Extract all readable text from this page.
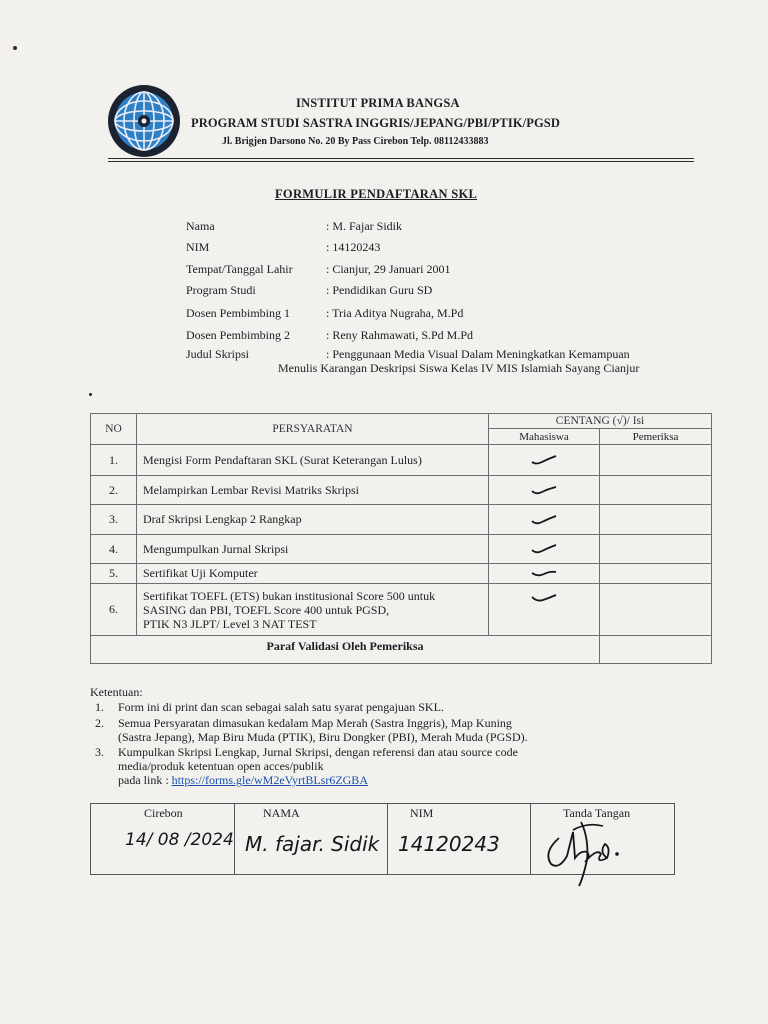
INSTITUT PRIMA BANGSA
PROGRAM STUDI SASTRA INGGRIS/JEPANG/PBI/PTIK/PGSD
Jl. Brigjen Darsono No. 20 By Pass Cirebon Telp. 08112433883
FORMULIR PENDAFTARAN SKL
Nama	: M. Fajar Sidik
NIM	: 14120243
Tempat/Tanggal Lahir	: Cianjur, 29 Januari 2001
Program Studi	: Pendidikan Guru SD
Dosen Pembimbing 1	: Tria Aditya Nugraha, M.Pd
Dosen Pembimbing 2	: Reny Rahmawati, S.Pd M.Pd
Judul Skripsi	: Penggunaan Media Visual Dalam Meningkatkan Kemampuan
Menulis Karangan Deskripsi Siswa Kelas IV MIS Islamiah Sayang Cianjur
NO	PERSYARATAN	CENTANG (√)/ Isi	
		Mahasiswa	Pemeriksa
1.	Mengisi Form Pendaftaran SKL (Surat Keterangan Lulus)	

2.	Melampirkan Lembar Revisi Matriks Skripsi	

3.	Draf Skripsi Lengkap 2 Rangkap	

4.	Mengumpulkan Jurnal Skripsi	

5.	Sertifikat Uji Komputer	

6.	Sertifikat TOEFL (ETS) bukan institusional Score 500 untuk
SASING dan PBI, TOEFL Score 400 untuk PGSD,
PTIK N3 JLPT/ Level 3 NAT TEST

Paraf Validasi Oleh Pemeriksa			
Ketentuan:
1. Form ini di print dan scan sebagai salah satu syarat pengajuan SKL.
2. Semua Persyaratan dimasukan kedalam Map Merah (Sastra Inggris), Map Kuning
(Sastra Jepang), Map Biru Muda (PTIK), Biru Dongker (PBI), Merah Muda (PGSD).
3. Kumpulkan Skripsi Lengkap, Jurnal Skripsi, dengan referensi dan atau source code
media/produk ketentuan open acces/publik
pada link : https://forms.gle/wM2eVyrtBLsr6ZGBA
Cirebon
14/ 08 /2024

NAMA
M. fajar. Sidik

NIM
14120243

Tanda Tangan
